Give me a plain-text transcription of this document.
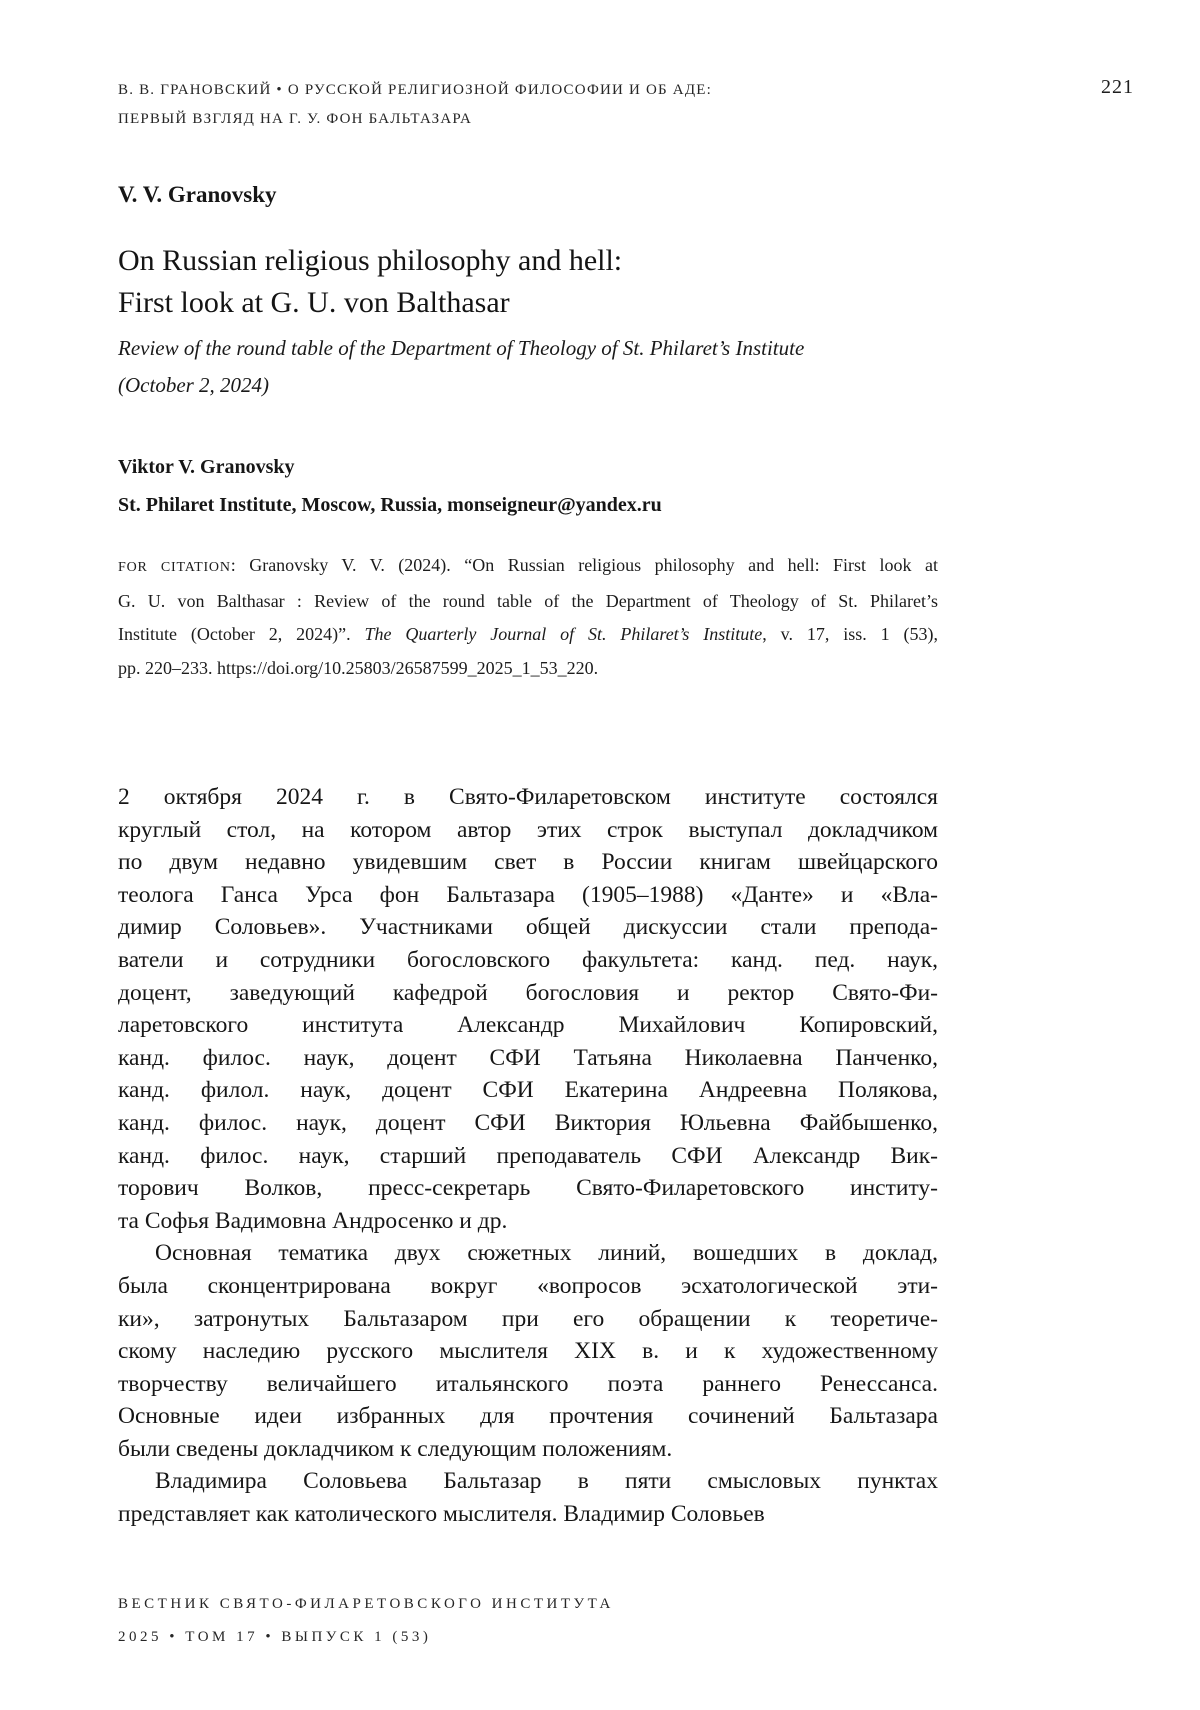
В. В. ГРАНОВСКИЙ • О РУССКОЙ РЕЛИГИОЗНОЙ ФИЛОСОФИИ И ОБ АДЕ:
ПЕРВЫЙ ВЗГЛЯД НА Г. У. ФОН БАЛЬТАЗАРА
221
V. V. Granovsky
On Russian religious philosophy and hell:
First look at G. U. von Balthasar
Review of the round table of the Department of Theology of St. Philaret’s Institute
(October 2, 2024)
Viktor V. Granovsky
St. Philaret Institute, Moscow, Russia, monseigneur@yandex.ru
FOR CITATION: Granovsky V. V. (2024). “On Russian religious philosophy and hell: First look at
G. U. von Balthasar : Review of the round table of the Department of Theology of St. Philaret’s
Institute (October 2, 2024)”. The Quarterly Journal of St. Philaret’s Institute, v. 17, iss. 1 (53),
pp. 220–233. https://doi.org/10.25803/26587599_2025_1_53_220.
2 октября 2024 г. в Свято-Филаретовском институте состоялся
круглый стол, на котором автор этих строк выступал докладчиком
по двум недавно увидевшим свет в России книгам швейцарского
теолога Ганса Урса фон Бальтазара (1905–1988) «Данте» и «Вла-
димир Соловьев». Участниками общей дискуссии стали препода-
ватели и сотрудники богословского факультета: канд. пед. наук,
доцент, заведующий кафедрой богословия и ректор Свято-Фи-
ларетовского института Александр Михайлович Копировский,
канд. филос. наук, доцент СФИ Татьяна Николаевна Панченко,
канд. филол. наук, доцент СФИ Екатерина Андреевна Полякова,
канд. филос. наук, доцент СФИ Виктория Юльевна Файбышенко,
канд. филос. наук, старший преподаватель СФИ Александр Вик-
торович Волков, пресс-секретарь Свято-Филаретовского институ-
та Софья Вадимовна Андросенко и др.
Основная тематика двух сюжетных линий, вошедших в доклад,
была сконцентрирована вокруг «вопросов эсхатологической эти-
ки», затронутых Бальтазаром при его обращении к теоретиче-
скому наследию русского мыслителя XIX в. и к художественному
творчеству величайшего итальянского поэта раннего Ренессанса.
Основные идеи избранных для прочтения сочинений Бальтазара
были сведены докладчиком к следующим положениям.
Владимира Соловьева Бальтазар в пяти смысловых пунктах
представляет как католического мыслителя. Владимир Соловьев
ВЕСТНИК СВЯТО-ФИЛАРЕТОВСКОГО ИНСТИТУТА
2025 • ТОМ 17 • ВЫПУСК 1 (53)
